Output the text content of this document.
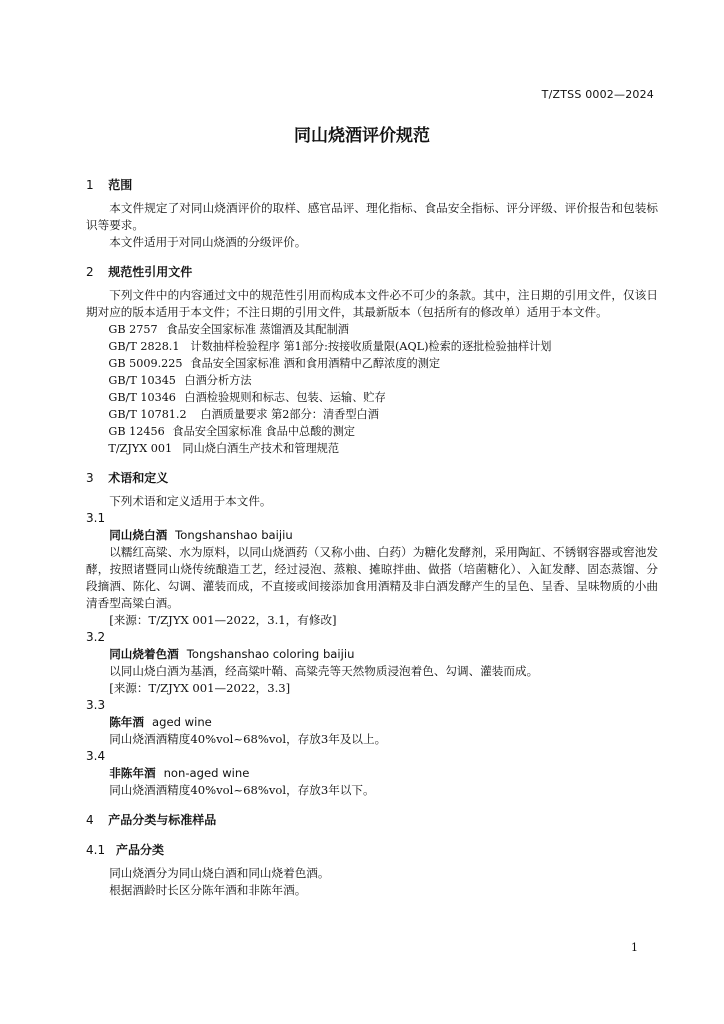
T/ZTSS 0002—2024
同山烧酒评价规范
1 范围
本文件规定了对同山烧酒评价的取样、感官品评、理化指标、食品安全指标、评分评级、评价报告和包装标识等要求。
本文件适用于对同山烧酒的分级评价。
2 规范性引用文件
下列文件中的内容通过文中的规范性引用而构成本文件必不可少的条款。其中，注日期的引用文件，仅该日期对应的版本适用于本文件；不注日期的引用文件，其最新版本（包括所有的修改单）适用于本文件。
GB 2757 食品安全国家标准 蒸馏酒及其配制酒
GB/T 2828.1 计数抽样检验程序 第1部分:按接收质量限(AQL)检索的逐批检验抽样计划
GB 5009.225 食品安全国家标准 酒和食用酒精中乙醇浓度的测定
GB/T 10345 白酒分析方法
GB/T 10346 白酒检验规则和标志、包装、运输、贮存
GB/T 10781.2 白酒质量要求 第2部分：清香型白酒
GB 12456 食品安全国家标准 食品中总酸的测定
T/ZJYX 001 同山烧白酒生产技术和管理规范
3 术语和定义
下列术语和定义适用于本文件。
3.1
同山烧白酒 Tongshanshao baijiu
以糯红高粱、水为原料，以同山烧酒药（又称小曲、白药）为糖化发酵剂，采用陶缸、不锈钢容器或窖池发酵，按照诸暨同山烧传统酿造工艺，经过浸泡、蒸粮、摊晾拌曲、做搭（培菌糖化）、入缸发酵、固态蒸馏、分段摘酒、陈化、勾调、灌装而成，不直接或间接添加食用酒精及非白酒发酵产生的呈色、呈香、呈味物质的小曲清香型高粱白酒。
[来源：T/ZJYX 001—2022，3.1，有修改]
3.2
同山烧着色酒 Tongshanshao coloring baijiu
以同山烧白酒为基酒，经高粱叶鞘、高粱壳等天然物质浸泡着色、勾调、灌装而成。
[来源：T/ZJYX 001—2022，3.3]
3.3
陈年酒 aged wine
同山烧酒酒精度40%vol~68%vol，存放3年及以上。
3.4
非陈年酒 non-aged wine
同山烧酒酒精度40%vol~68%vol，存放3年以下。
4 产品分类与标准样品
4.1 产品分类
同山烧酒分为同山烧白酒和同山烧着色酒。
根据酒龄时长区分陈年酒和非陈年酒。
1
